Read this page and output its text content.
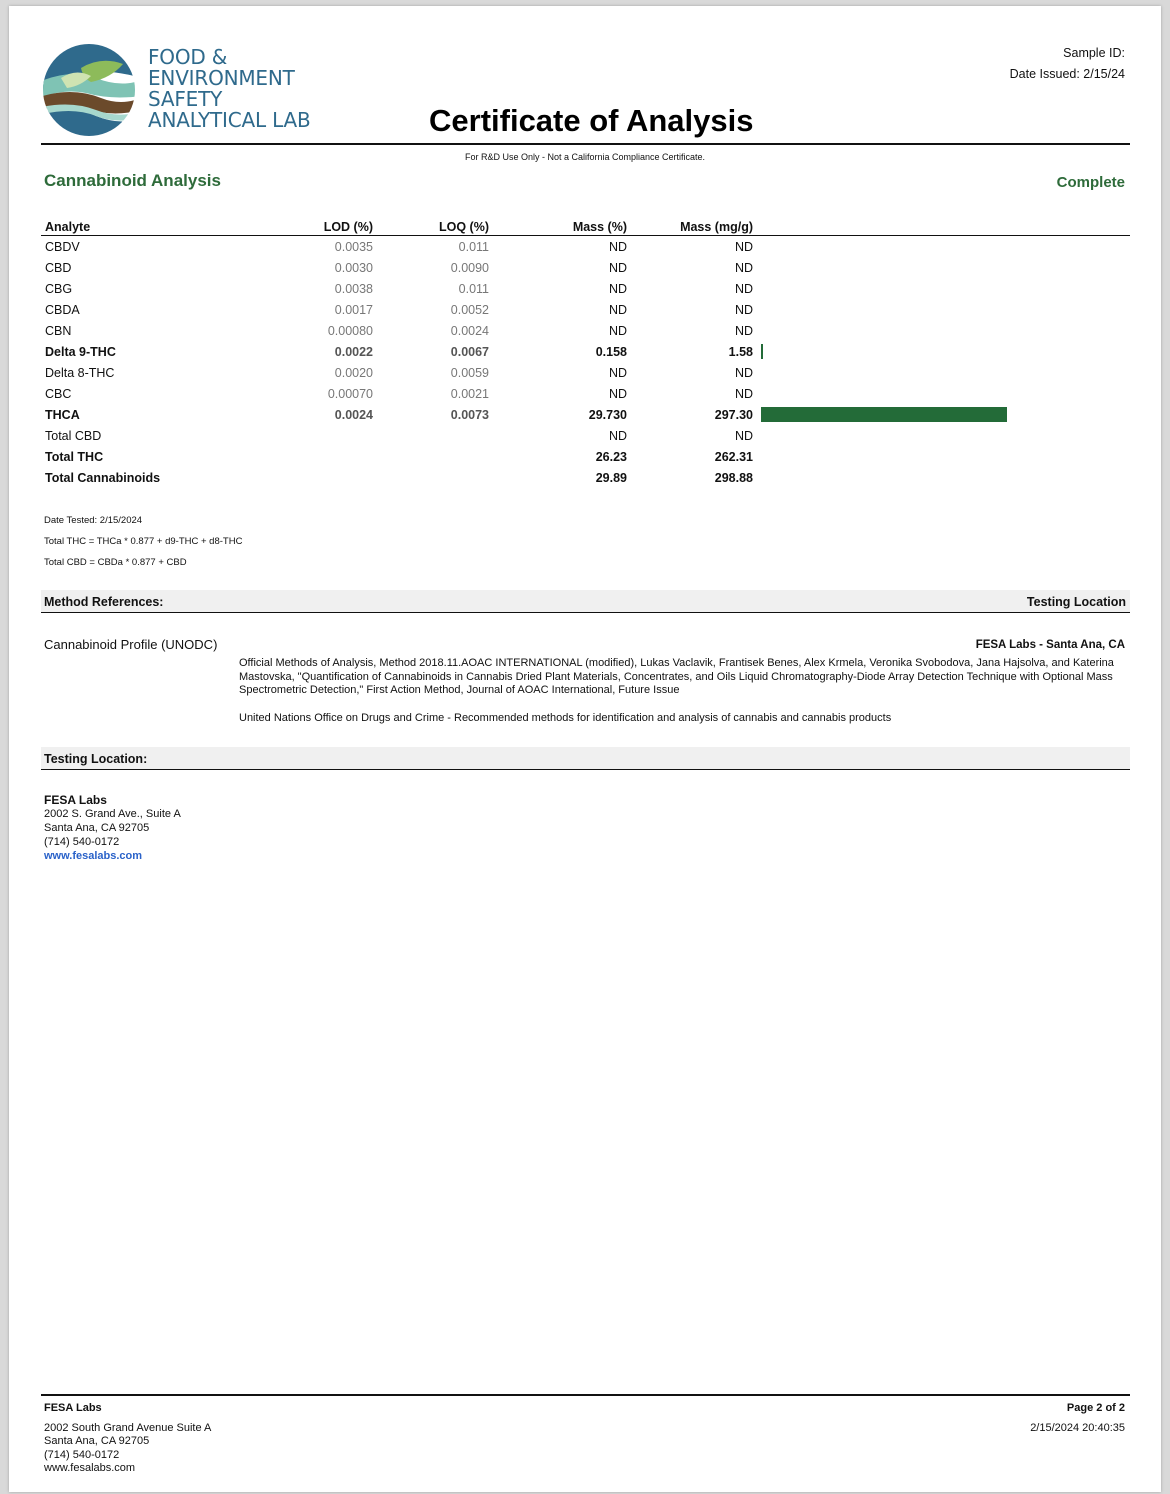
FOOD &
ENVIRONMENT
SAFETY
ANALYTICAL LAB	Certificate of Analysis
Sample ID:
Date Issued: 2/15/24
For R&D Use Only - Not a California Compliance Certificate.
Cannabinoid Analysis	Complete
Analyte	LOD (%)	LOQ (%)	Mass (%)	Mass (mg/g)	
CBDV	0.0035	0.011	ND	ND	
CBD	0.0030	0.0090	ND	ND	
CBG	0.0038	0.011	ND	ND	
CBDA	0.0017	0.0052	ND	ND	
CBN	0.00080	0.0024	ND	ND	
Delta 9-THC	0.0022	0.0067	0.158	1.58	

Delta 8-THC	0.0020	0.0059	ND	ND	
CBC	0.00070	0.0021	ND	ND	
THCA	0.0024	0.0073	29.730	297.30	

Total CBD			ND	ND	
Total THC			26.23	262.31	
Total Cannabinoids			29.89	298.88	
Date Tested: 2/15/2024
Total THC = THCa * 0.877 + d9-THC + d8-THC
Total CBD = CBDa * 0.877 + CBD
Method References:	Testing Location
Cannabinoid Profile (UNODC)	FESA Labs - Santa Ana, CA
Official Methods of Analysis, Method 2018.11.AOAC INTERNATIONAL (modified), Lukas Vaclavik, Frantisek Benes, Alex Krmela, Veronika Svobodova, Jana Hajsolva, and Katerina Mastovska, "Quantification of Cannabinoids in Cannabis Dried Plant Materials, Concentrates, and Oils Liquid Chromatography-Diode Array Detection Technique with Optional Mass Spectrometric Detection," First Action Method, Journal of AOAC International, Future Issue
United Nations Office on Drugs and Crime - Recommended methods for identification and analysis of cannabis and cannabis products
Testing Location:
FESA Labs
2002 S. Grand Ave., Suite A
Santa Ana, CA 92705
(714) 540-0172
www.fesalabs.com
FESA Labs
2002 South Grand Avenue Suite A
Santa Ana, CA 92705
(714) 540-0172
www.fesalabs.com
Page 2 of 2
2/15/2024 20:40:35
